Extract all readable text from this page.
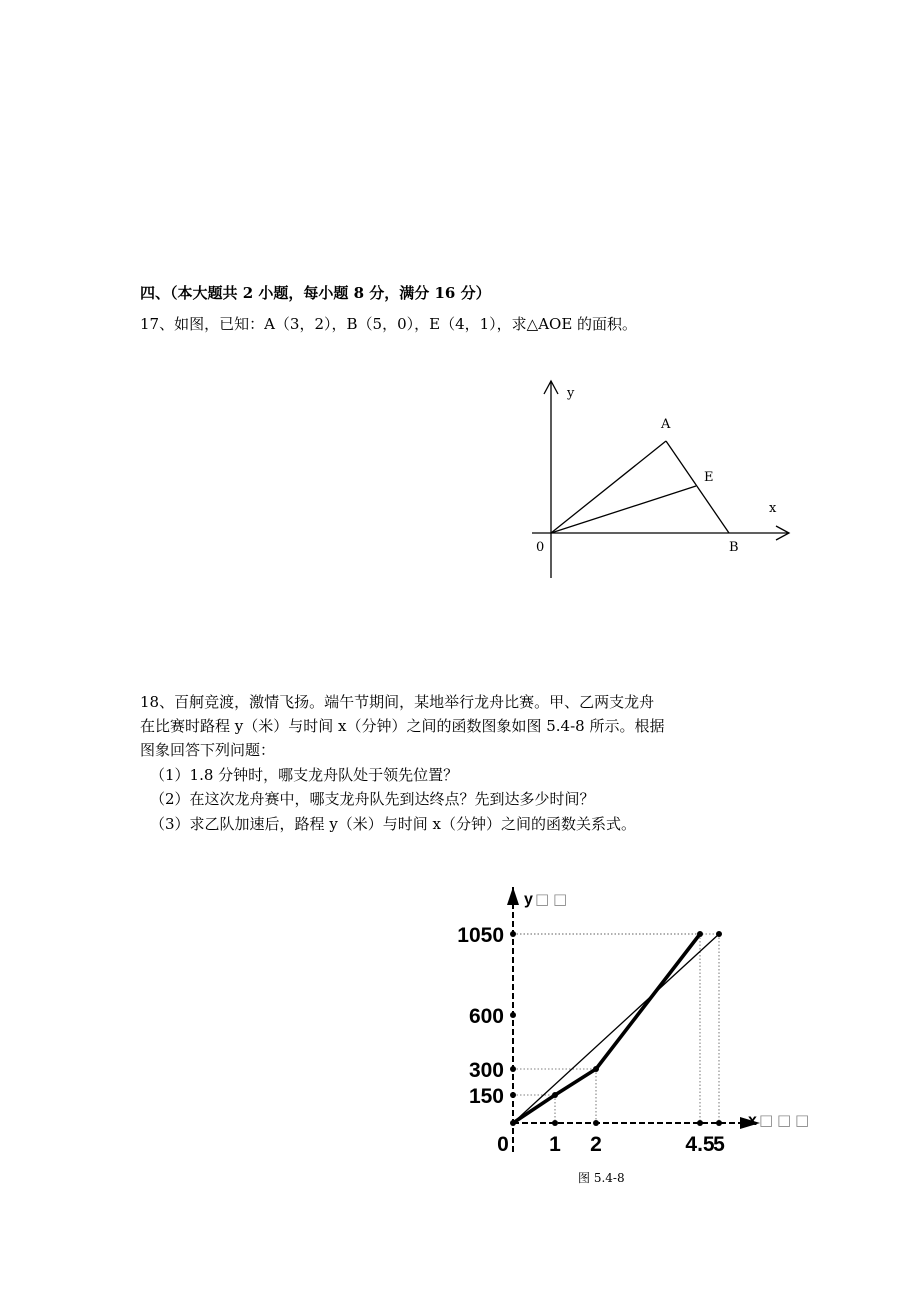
四、（本大题共 2 小题，每小题 8 分，满分 16 分）
17、如图，已知：A（3，2），B（5，0），E（4，1），求△AOE 的面积。
y
x
0
A
E
B
18、百舸竞渡，激情飞扬。端午节期间，某地举行龙舟比赛。甲、乙两支龙舟
在比赛时路程 y（米）与时间 x（分钟）之间的函数图象如图 5.4-8 所示。根据
图象回答下列问题：
（1）1.8 分钟时，哪支龙舟队处于领先位置？
（2）在这次龙舟赛中，哪支龙舟队先到达终点？先到达多少时间？
（3）求乙队加速后，路程 y（米）与时间 x（分钟）之间的函数关系式。
y □ □
x □ □ □
0 1 2	4.5
5
150
300
600
1050
图 5.4-8
